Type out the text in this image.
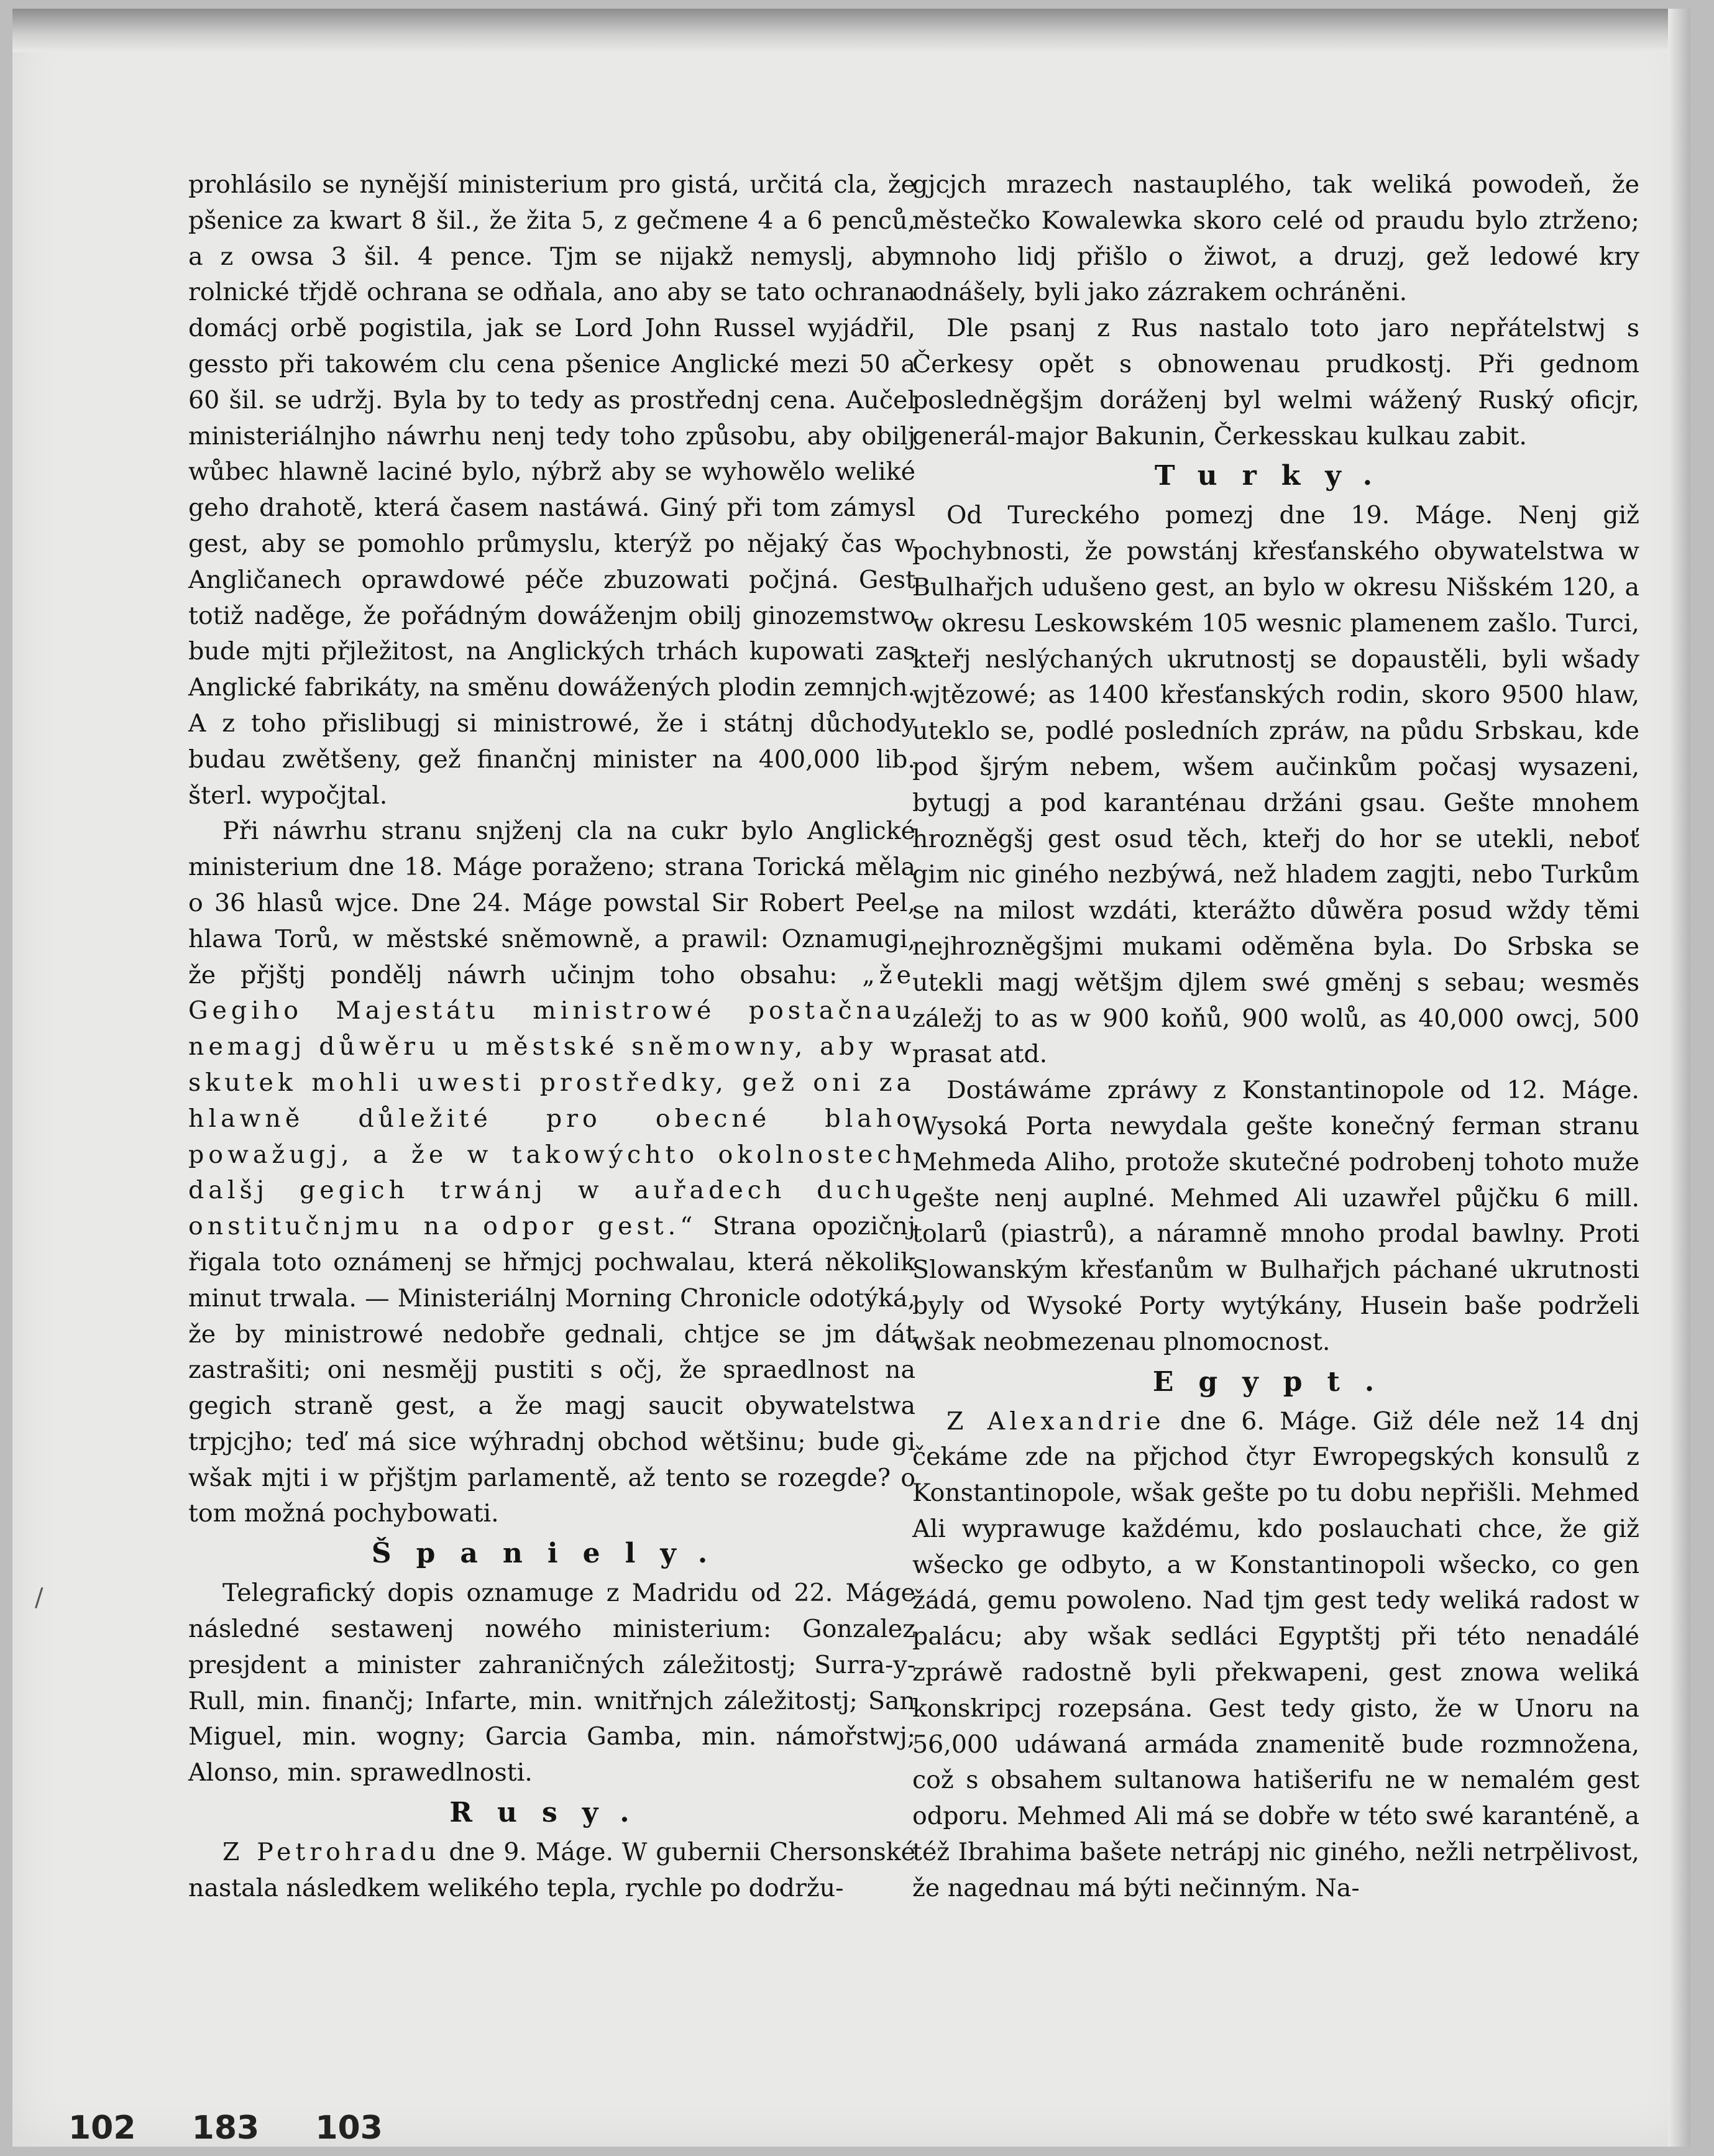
prohlásilo se nynější ministerium pro gistá, určitá cla, že pšenice za kwart 8 šil., že žita 5, z gečmene 4 a 6 penců, a z owsa 3 šil. 4 pence. Tjm se nijakž nemyslj, aby rolnické třjdě ochrana se odňala, ano aby se tato ochrana domácj orbě pogistila, jak se Lord John Russel wyjádřil, gessto při takowém clu cena pšenice Anglické mezi 50 a 60 šil. se udržj. Byla by to tedy as prostřednj cena. Aučel ministeriálnjho náwrhu nenj tedy toho způsobu, aby obilj wůbec hlawně laciné bylo, nýbrž aby se wyhowělo weliké geho drahotě, která časem nastáwá. Giný při tom zámysl gest, aby se pomohlo průmyslu, kterýž po nějaký čas w Angličanech oprawdowé péče zbuzowati počjná. Gest totiž naděge, že pořádným dowáženjm obilj ginozemstwo bude mjti přjležitost, na Anglických trhách kupowati zas Anglické fabrikáty, na směnu dowážených plodin zemnjch. A z toho přislibugj si ministrowé, že i státnj důchody budau zwětšeny, gež finančnj minister na 400,000 lib. šterl. wypočjtal.

Při náwrhu stranu snjženj cla na cukr bylo Anglické ministerium dne 18. Máge poraženo; strana Torická měla o 36 hlasů wjce. Dne 24. Máge powstal Sir Robert Peel, hlawa Torů, w městské sněmowně, a prawil: Oznamugi, že přjštj pondělj náwrh učinjm toho obsahu: „že Gegiho Majestátu ministrowé postačnau nemagj důwěru u městské sněmowny, aby w skutek mohli uwesti prostředky, gež oni za hlawně důležité pro obecné blaho powažugj, a že w takowýchto okolnostech dalšj gegich trwánj w auřadech duchu onstitučnjmu na odpor gest.“ Strana opozičnj řigala toto oznámenj se hřmjcj pochwalau, která několik minut trwala. — Ministeriálnj Morning Chronicle odotýká, že by ministrowé nedobře gednali, chtjce se jm dát zastrašiti; oni nesmějj pustiti s očj, že spraedlnost na gegich straně gest, a že magj saucit obywatelstwa trpjcjho; teď má sice wýhradnj obchod wětšinu; bude gi wšak mjti i w přjštjm parlamentě, až tento se rozegde? o tom možná pochybowati.

Španiely.

Telegrafický dopis oznamuge z Madridu od 22. Máge následné sestawenj nowého ministerium: Gonzalez presjdent a minister zahraničných záležitostj; Surra-y-Rull, min. finančj; Infarte, min. wnitřnjch záležitostj; San Miguel, min. wogny; Garcia Gamba, min. námořstwj; Alonso, min. sprawedlnosti.

Rusy.

Z Petrohradu dne 9. Máge. W gubernii Chersonské nastala následkem welikého tepla, rychle po dodržu-

gjcjch mrazech nastauplého, tak weliká powodeň, že městečko Kowalewka skoro celé od praudu bylo ztrženo; mnoho lidj přišlo o žiwot, a druzj, gež ledowé kry odnášely, byli jako zázrakem ochráněni.

Dle psanj z Rus nastalo toto jaro nepřátelstwj s Čerkesy opět s obnowenau prudkostj. Při gednom posledněgšjm doráženj byl welmi wážený Ruský oficjr, generál-major Bakunin, Čerkesskau kulkau zabit.

Turky.

Od Tureckého pomezj dne 19. Máge. Nenj giž pochybnosti, že powstánj křesťanského obywatelstwa w Bulhařjch udušeno gest, an bylo w okresu Nišském 120, a w okresu Leskowském 105 wesnic plamenem zašlo. Turci, kteřj neslýchaných ukrutnostj se dopaustěli, byli wšady wjtězowé; as 1400 křesťanských rodin, skoro 9500 hlaw, uteklo se, podlé posledních zpráw, na půdu Srbskau, kde pod šjrým nebem, wšem aučinkům počasj wysazeni, bytugj a pod karanténau držáni gsau. Gešte mnohem hrozněgšj gest osud těch, kteřj do hor se utekli, neboť gim nic giného nezbýwá, než hladem zagjti, nebo Turkům se na milost wzdáti, kterážto důwěra posud wždy těmi nejhrozněgšjmi mukami oděměna byla. Do Srbska se utekli magj wětšjm djlem swé gměnj s sebau; wesměs záležj to as w 900 koňů, 900 wolů, as 40,000 owcj, 500 prasat atd.

Dostáwáme zpráwy z Konstantinopole od 12. Máge. Wysoká Porta newydala gešte konečný ferman stranu Mehmeda Aliho, protože skutečné podrobenj tohoto muže gešte nenj auplné. Mehmed Ali uzawřel půjčku 6 mill. tolarů (piastrů), a náramně mnoho prodal bawlny. Proti Slowanským křesťanům w Bulhařjch páchané ukrutnosti byly od Wysoké Porty wytýkány, Husein baše podrželi wšak neobmezenau plnomocnost.

Egypt.

Z Alexandrie dne 6. Máge. Giž déle než 14 dnj čekáme zde na přjchod čtyr Ewropegských konsulů z Konstantinopole, wšak gešte po tu dobu nepřišli. Mehmed Ali wyprawuge každému, kdo poslauchati chce, že giž wšecko ge odbyto, a w Konstantinopoli wšecko, co gen žádá, gemu powoleno. Nad tjm gest tedy weliká radost w palácu; aby wšak sedláci Egyptštj při této nenadálé zpráwě radostně byli překwapeni, gest znowa weliká konskripcj rozepsána. Gest tedy gisto, že w Unoru na 56,000 udáwaná armáda znamenitě bude rozmnožena, což s obsahem sultanowa hatišerifu ne w nemalém gest odporu. Mehmed Ali má se dobře w této swé karanténě, a též Ibrahima bašete netrápj nic giného, nežli netrpělivost, že nagednau má býti nečinným. Na-

/
102 183 103
